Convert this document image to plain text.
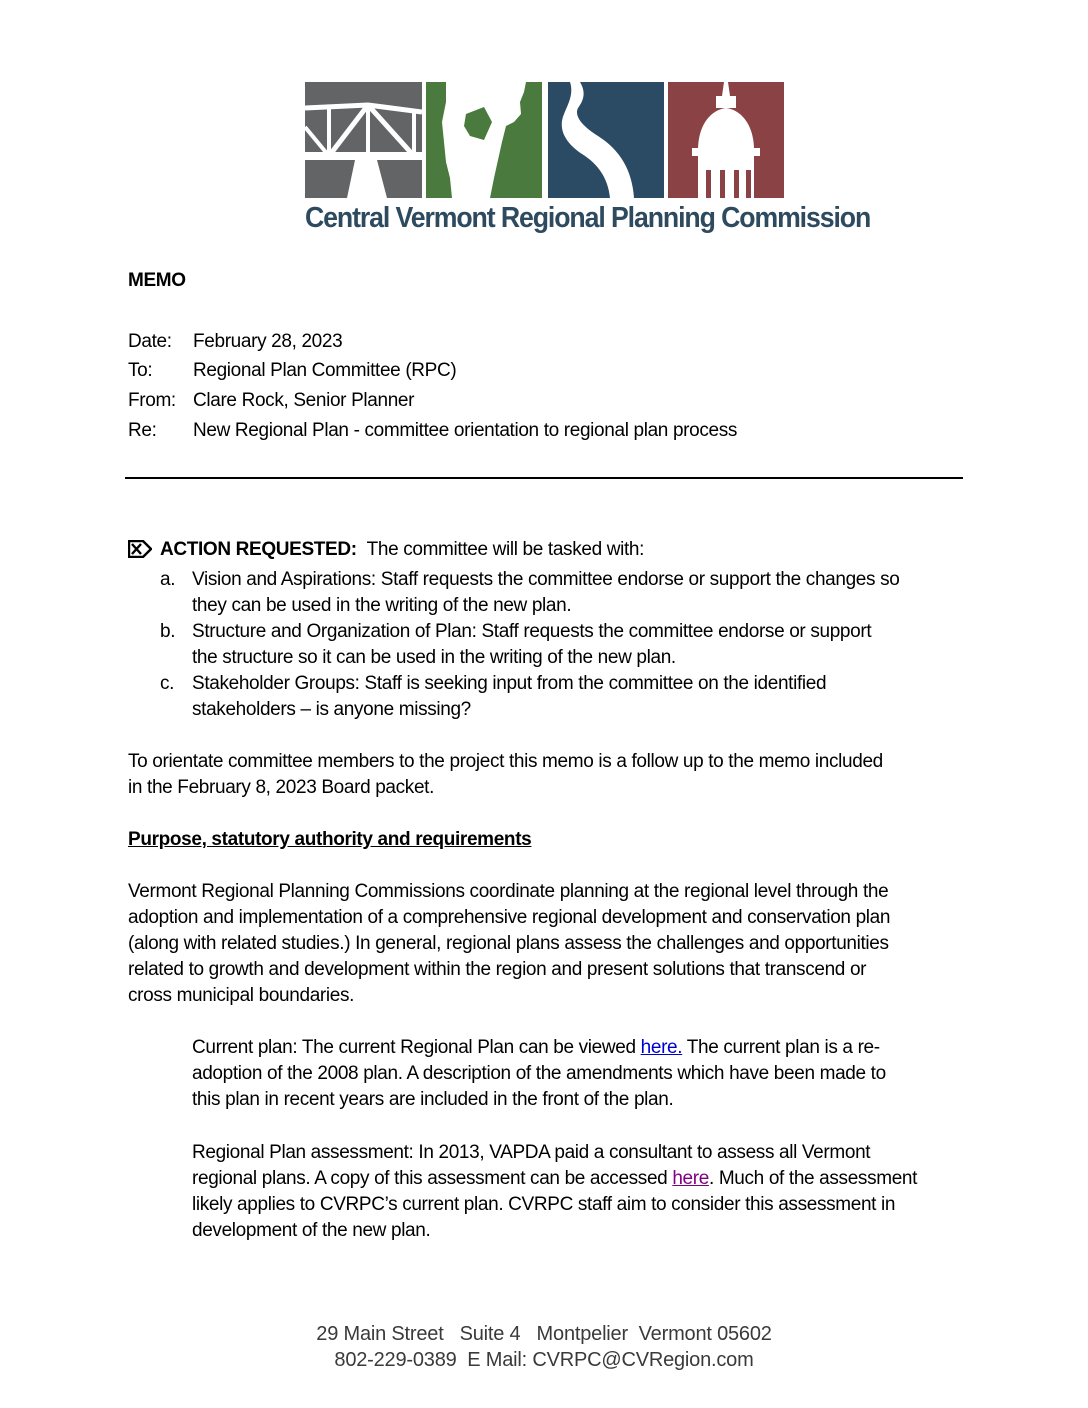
Central Vermont Regional Planning Commission
MEMO
Date: February 28, 2023
To: Regional Plan Committee (RPC)
From: Clare Rock, Senior Planner
Re: New Regional Plan - committee orientation to regional plan process
ACTION REQUESTED: The committee will be tasked with:
a. Vision and Aspirations: Staff requests the committee endorse or support the changes so
they can be used in the writing of the new plan.
b. Structure and Organization of Plan: Staff requests the committee endorse or support
the structure so it can be used in the writing of the new plan.
c. Stakeholder Groups: Staff is seeking input from the committee on the identified
stakeholders – is anyone missing?
To orientate committee members to the project this memo is a follow up to the memo included
in the February 8, 2023 Board packet.
Purpose, statutory authority and requirements
Vermont Regional Planning Commissions coordinate planning at the regional level through the
adoption and implementation of a comprehensive regional development and conservation plan
(along with related studies.) In general, regional plans assess the challenges and opportunities
related to growth and development within the region and present solutions that transcend or
cross municipal boundaries.
Current plan: The current Regional Plan can be viewed here. The current plan is a re-
adoption of the 2008 plan. A description of the amendments which have been made to
this plan in recent years are included in the front of the plan.
Regional Plan assessment: In 2013, VAPDA paid a consultant to assess all Vermont
regional plans. A copy of this assessment can be accessed here. Much of the assessment
likely applies to CVRPC’s current plan. CVRPC staff aim to consider this assessment in
development of the new plan.
29 Main Street   Suite 4   Montpelier  Vermont 05602
802-229-0389  E Mail: CVRPC@CVRegion.com
